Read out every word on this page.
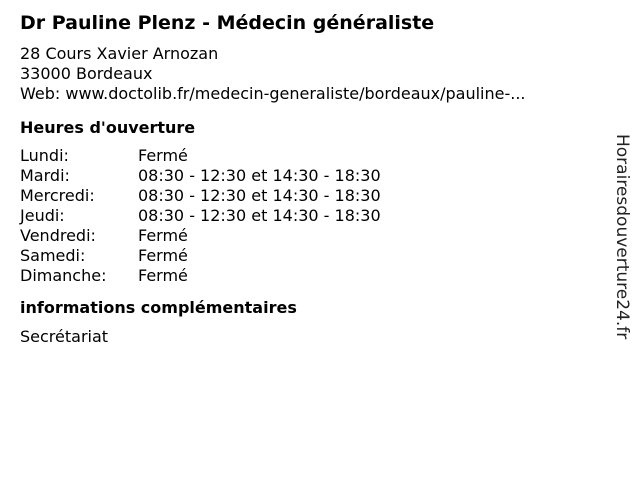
Dr Pauline Plenz - Médecin généraliste
28 Cours Xavier Arnozan
33000 Bordeaux
Web: www.doctolib.fr/medecin-generaliste/bordeaux/pauline-...
Heures d'ouverture
Lundi:	Fermé
Mardi:	08:30 - 12:30 et 14:30 - 18:30
Mercredi:	08:30 - 12:30 et 14:30 - 18:30
Jeudi:	08:30 - 12:30 et 14:30 - 18:30
Vendredi:	Fermé
Samedi:	Fermé
Dimanche:	Fermé
informations complémentaires
Secrétariat	Horairesdouverture24.fr
